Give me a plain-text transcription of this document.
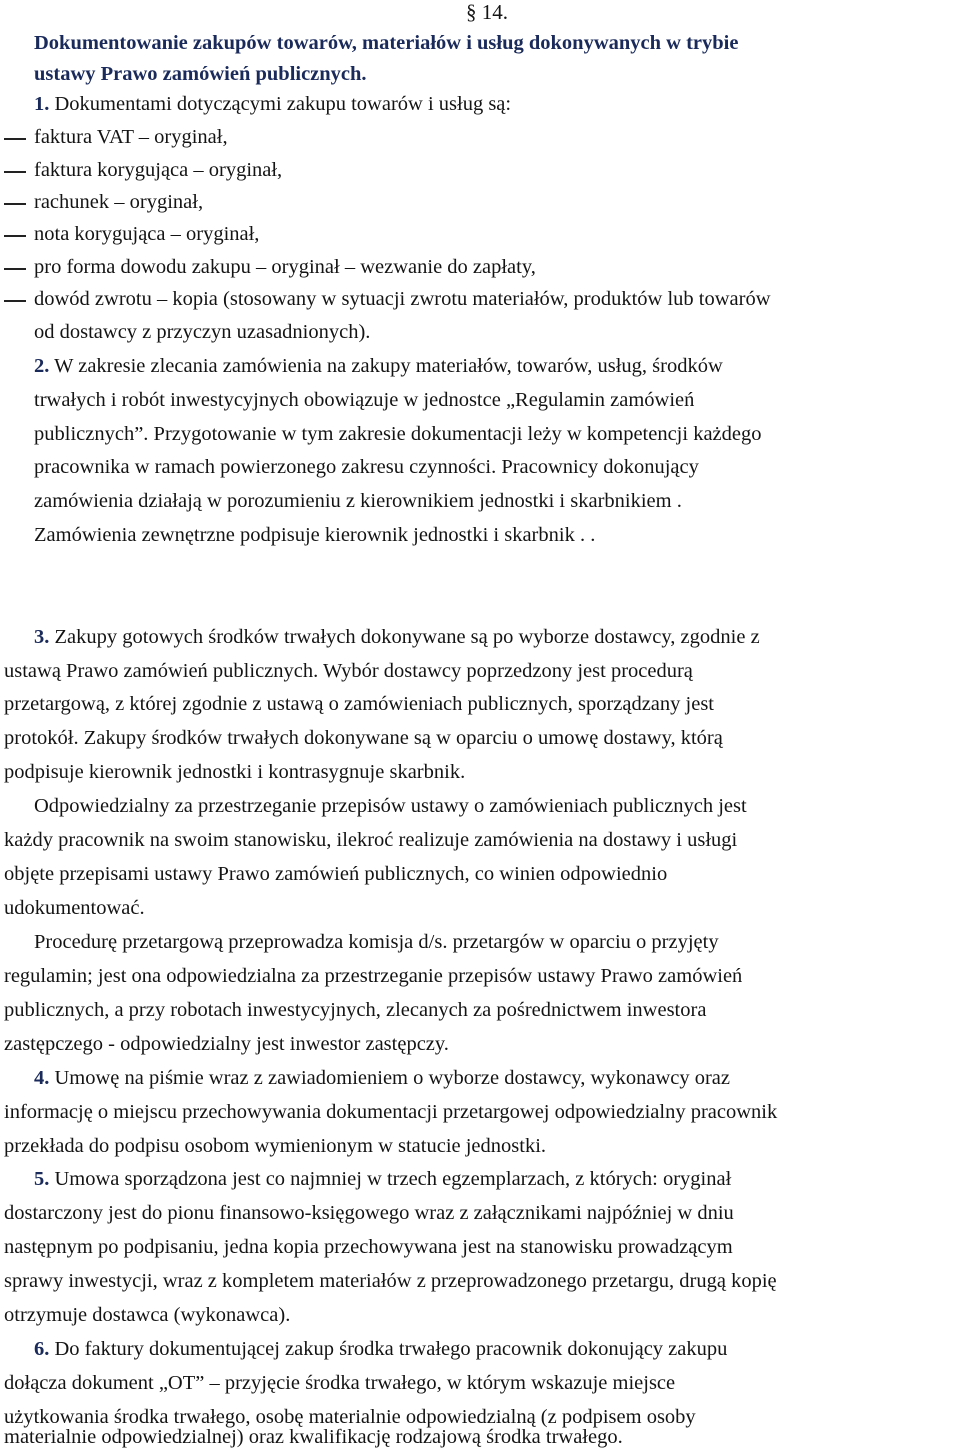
§ 14.
Dokumentowanie zakupów towarów, materiałów i usług dokonywanych w trybie
ustawy Prawo zamówień publicznych.
1. Dokumentami dotyczącymi zakupu towarów i usług są:
faktura VAT – oryginał,
faktura korygująca – oryginał,
rachunek – oryginał,
nota korygująca – oryginał,
pro forma dowodu zakupu – oryginał – wezwanie do zapłaty,
dowód zwrotu – kopia (stosowany w sytuacji zwrotu materiałów, produktów lub towarów
od dostawcy z przyczyn uzasadnionych).
2. W zakresie zlecania zamówienia na zakupy materiałów, towarów, usług, środków
trwałych i robót inwestycyjnych obowiązuje w jednostce „Regulamin zamówień
publicznych”. Przygotowanie w tym zakresie dokumentacji leży w kompetencji każdego
pracownika w ramach powierzonego zakresu czynności. Pracownicy dokonujący
zamówienia działają w porozumieniu z kierownikiem jednostki i skarbnikiem .
Zamówienia zewnętrzne podpisuje kierownik jednostki i skarbnik . .
3. Zakupy gotowych środków trwałych dokonywane są po wyborze dostawcy, zgodnie z
ustawą Prawo zamówień publicznych. Wybór dostawcy poprzedzony jest procedurą
przetargową, z której zgodnie z ustawą o zamówieniach publicznych, sporządzany jest
protokół. Zakupy środków trwałych dokonywane są w oparciu o umowę dostawy, którą
podpisuje kierownik jednostki i kontrasygnuje skarbnik.
Odpowiedzialny za przestrzeganie przepisów ustawy o zamówieniach publicznych jest
każdy pracownik na swoim stanowisku, ilekroć realizuje zamówienia na dostawy i usługi
objęte przepisami ustawy Prawo zamówień publicznych, co winien odpowiednio
udokumentować.
Procedurę przetargową przeprowadza komisja d/s. przetargów w oparciu o przyjęty
regulamin; jest ona odpowiedzialna za przestrzeganie przepisów ustawy Prawo zamówień
publicznych, a przy robotach inwestycyjnych, zlecanych za pośrednictwem inwestora
zastępczego - odpowiedzialny jest inwestor zastępczy.
4. Umowę na piśmie wraz z zawiadomieniem o wyborze dostawcy, wykonawcy oraz
informację o miejscu przechowywania dokumentacji przetargowej odpowiedzialny pracownik
przekłada do podpisu osobom wymienionym w statucie jednostki.
5. Umowa sporządzona jest co najmniej w trzech egzemplarzach, z których: oryginał
dostarczony jest do pionu finansowo-księgowego wraz z załącznikami najpóźniej w dniu
następnym po podpisaniu, jedna kopia przechowywana jest na stanowisku prowadzącym
sprawy inwestycji, wraz z kompletem materiałów z przeprowadzonego przetargu, drugą kopię
otrzymuje dostawca (wykonawca).
6. Do faktury dokumentującej zakup środka trwałego pracownik dokonujący zakupu
dołącza dokument „OT” – przyjęcie środka trwałego, w którym wskazuje miejsce
użytkowania środka trwałego, osobę materialnie odpowiedzialną (z podpisem osoby
materialnie odpowiedzialnej) oraz kwalifikację rodzajową środka trwałego.
